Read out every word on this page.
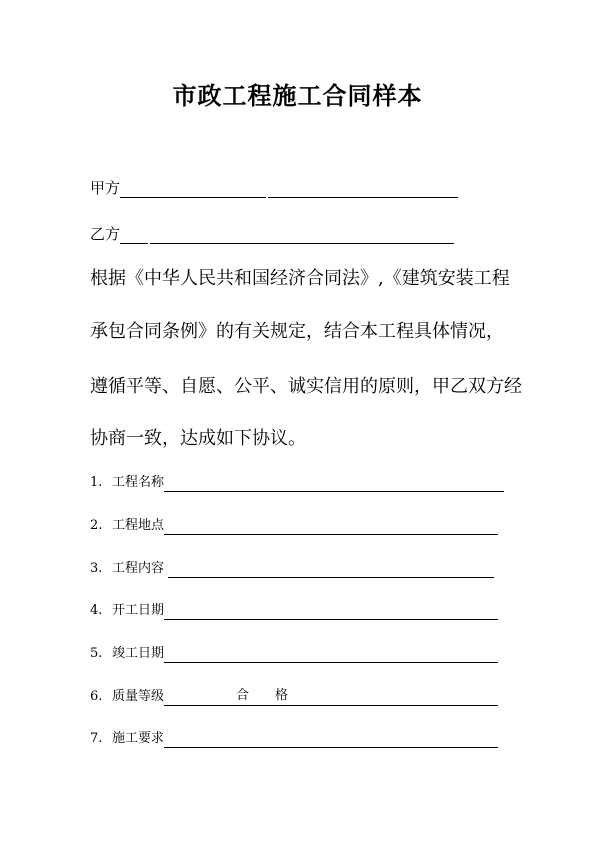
市政工程施工合同样本
甲方
乙方
根据《中华人民共和国经济合同法》,《建筑安装工程
承包合同条例》的有关规定，结合本工程具体情况，
遵循平等、自愿、公平、诚实信用的原则，甲乙双方经
协商一致，达成如下协议。
1. 工程名称
2. 工程地点
3. 工程内容
4. 开工日期
5. 竣工日期
6. 质量等级	合　　格
7. 施工要求
